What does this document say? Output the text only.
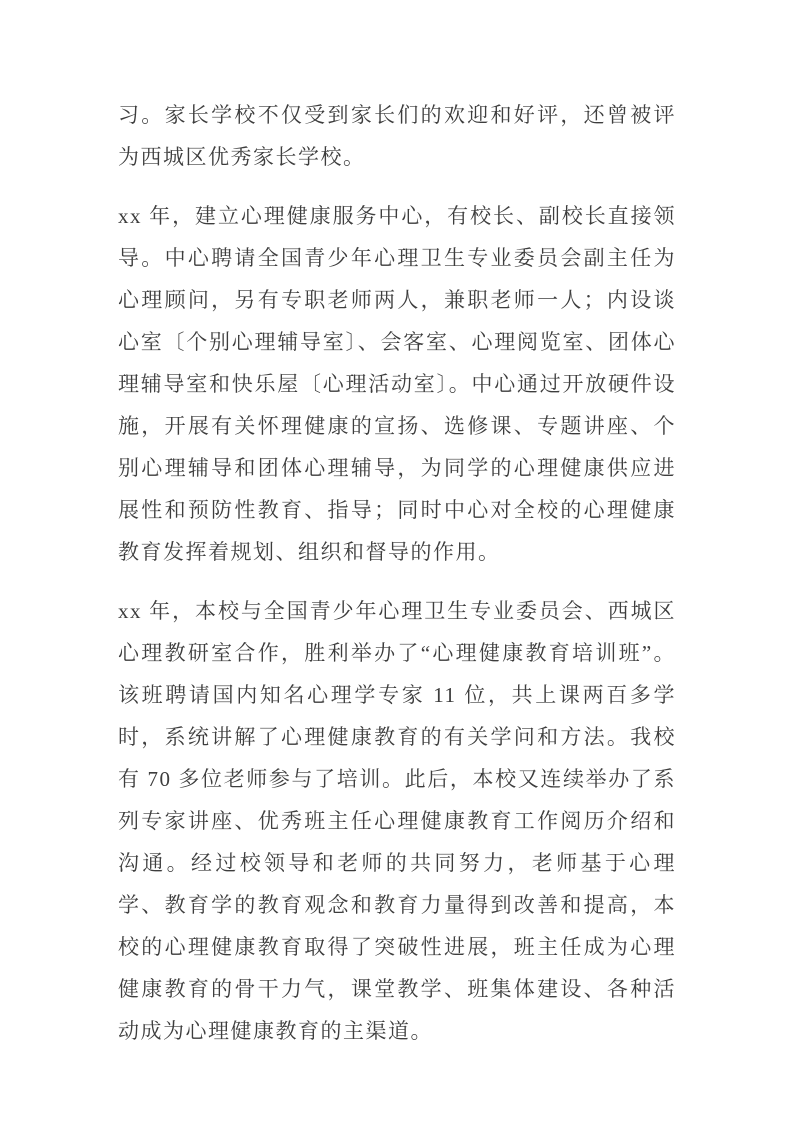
习。家长学校不仅受到家长们的欢迎和好评，还曾被评为西城区优秀家长学校。

xx 年，建立心理健康服务中心，有校长、副校长直接领导。中心聘请全国青少年心理卫生专业委员会副主任为心理顾问，另有专职老师两人，兼职老师一人；内设谈心室〔个别心理辅导室〕、会客室、心理阅览室、团体心理辅导室和快乐屋〔心理活动室〕。中心通过开放硬件设施，开展有关怀理健康的宣扬、选修课、专题讲座、个别心理辅导和团体心理辅导，为同学的心理健康供应进展性和预防性教育、指导；同时中心对全校的心理健康教育发挥着规划、组织和督导的作用。

xx 年，本校与全国青少年心理卫生专业委员会、西城区心理教研室合作，胜利举办了“心理健康教育培训班”。该班聘请国内知名心理学专家 11 位，共上课两百多学时，系统讲解了心理健康教育的有关学问和方法。我校有 70 多位老师参与了培训。此后，本校又连续举办了系列专家讲座、优秀班主任心理健康教育工作阅历介绍和沟通。经过校领导和老师的共同努力，老师基于心理学、教育学的教育观念和教育力量得到改善和提高，本校的心理健康教育取得了突破性进展，班主任成为心理健康教育的骨干力气，课堂教学、班集体建设、各种活动成为心理健康教育的主渠道。
